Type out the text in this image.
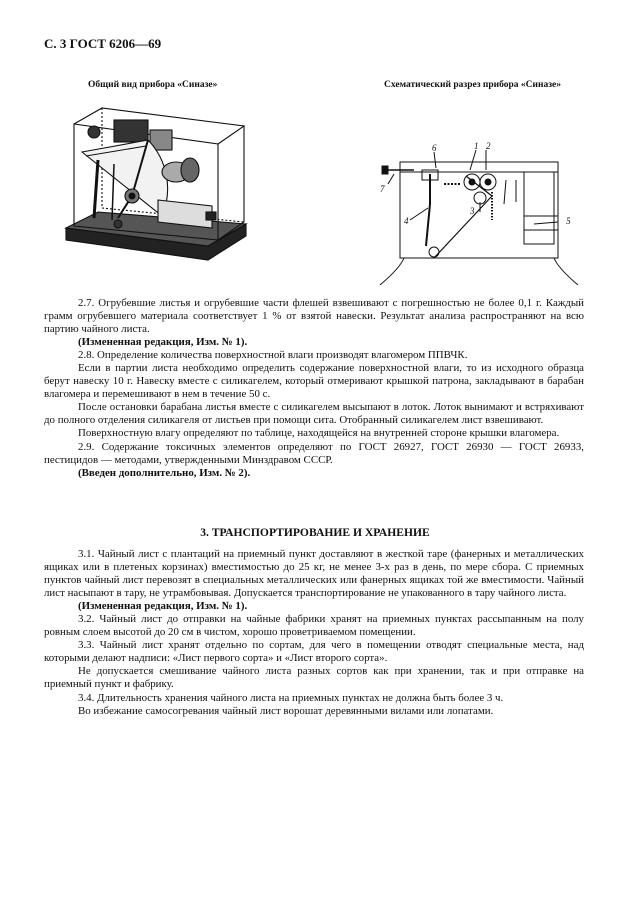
С. 3 ГОСТ 6206—69
Общий вид прибора «Синазе»	Схематический разрез прибора «Синазе»
1 2
3
4	5
6
7

2.7. Огрубевшие листья и огрубевшие части флешей взвешивают с погрешностью не более 0,1 г. Каждый грамм огрубевшего материала соответствует 1 % от взятой навески. Результат анализа распространяют на всю партию чайного листа.

(Измененная редакция, Изм. № 1).

2.8. Определение количества поверхностной влаги производят влагомером ППВЧК.

Если в партии листа необходимо определить содержание поверхностной влаги, то из исходного образца берут навеску 10 г. Навеску вместе с силикагелем, который отмеривают крышкой патрона, закладывают в барабан влагомера и перемешивают в нем в течение 50 с.

После остановки барабана листья вместе с силикагелем высыпают в лоток. Лоток вынимают и встряхивают до полного отделения силикагеля от листьев при помощи сита. Отобранный силикагелем лист взвешивают.

Поверхностную влагу определяют по таблице, находящейся на внутренней стороне крышки влагомера.

2.9. Содержание токсичных элементов определяют по ГОСТ 26927, ГОСТ 26930 — ГОСТ 26933, пестицидов — методами, утвержденными Минздравом СССР.

(Введен дополнительно, Изм. № 2).

3. ТРАНСПОРТИРОВАНИЕ И ХРАНЕНИЕ

3.1. Чайный лист с плантаций на приемный пункт доставляют в жесткой таре (фанерных и металлических ящиках или в плетеных корзинах) вместимостью до 25 кг, не менее 3-х раз в день, по мере сбора. С приемных пунктов чайный лист перевозят в специальных металлических или фанерных ящиках той же вместимости. Чайный лист насыпают в тару, не утрамбовывая. Допускается транспортирование не упакованного в тару чайного листа.

(Измененная редакция, Изм. № 1).

3.2. Чайный лист до отправки на чайные фабрики хранят на приемных пунктах рассыпанным на полу ровным слоем высотой до 20 см в чистом, хорошо проветриваемом помещении.

3.3. Чайный лист хранят отдельно по сортам, для чего в помещении отводят специальные места, над которыми делают надписи: «Лист первого сорта» и «Лист второго сорта».

Не допускается смешивание чайного листа разных сортов как при хранении, так и при отправке на приемный пункт и фабрику.

3.4. Длительность хранения чайного листа на приемных пунктах не должна быть более 3 ч.

Во избежание самосогревания чайный лист ворошат деревянными вилами или лопатами.
